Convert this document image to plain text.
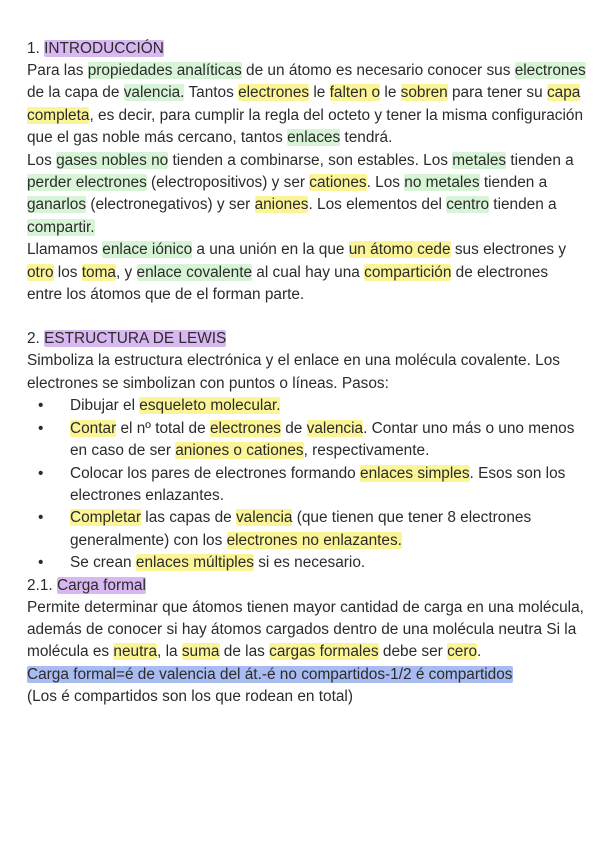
1. INTRODUCCIÓN

Para las propiedades analíticas de un átomo es necesario conocer sus electrones de la capa de valencia. Tantos electrones le falten o le sobren para tener su capa completa, es decir, para cumplir la regla del octeto y tener la misma configuración que el gas noble más cercano, tantos enlaces tendrá.

Los gases nobles no tienden a combinarse, son estables. Los metales tienden a perder electrones (electropositivos) y ser cationes. Los no metales tienden a ganarlos (electronegativos) y ser aniones. Los elementos del centro tienden a compartir.

Llamamos enlace iónico a una unión en la que un átomo cede sus electrones y otro los toma, y enlace covalente al cual hay una compartición de electrones entre los átomos que de el forman parte.

2. ESTRUCTURA DE LEWIS

Simboliza la estructura electrónica y el enlace en una molécula covalente. Los electrones se simbolizan con puntos o líneas. Pasos:

• Dibujar el esqueleto molecular.
• Contar el nº total de electrones de valencia. Contar uno más o uno menos en caso de ser aniones o cationes, respectivamente.
• Colocar los pares de electrones formando enlaces simples. Esos son los electrones enlazantes.
• Completar las capas de valencia (que tienen que tener 8 electrones generalmente) con los electrones no enlazantes.
• Se crean enlaces múltiples si es necesario.

2.1. Carga formal

Permite determinar que átomos tienen mayor cantidad de carga en una molécula, además de conocer si hay átomos cargados dentro de una molécula neutra Si la molécula es neutra, la suma de las cargas formales debe ser cero.

Carga formal=é de valencia del át.-é no compartidos-1/2 é compartidos

(Los é compartidos son los que rodean en total)
